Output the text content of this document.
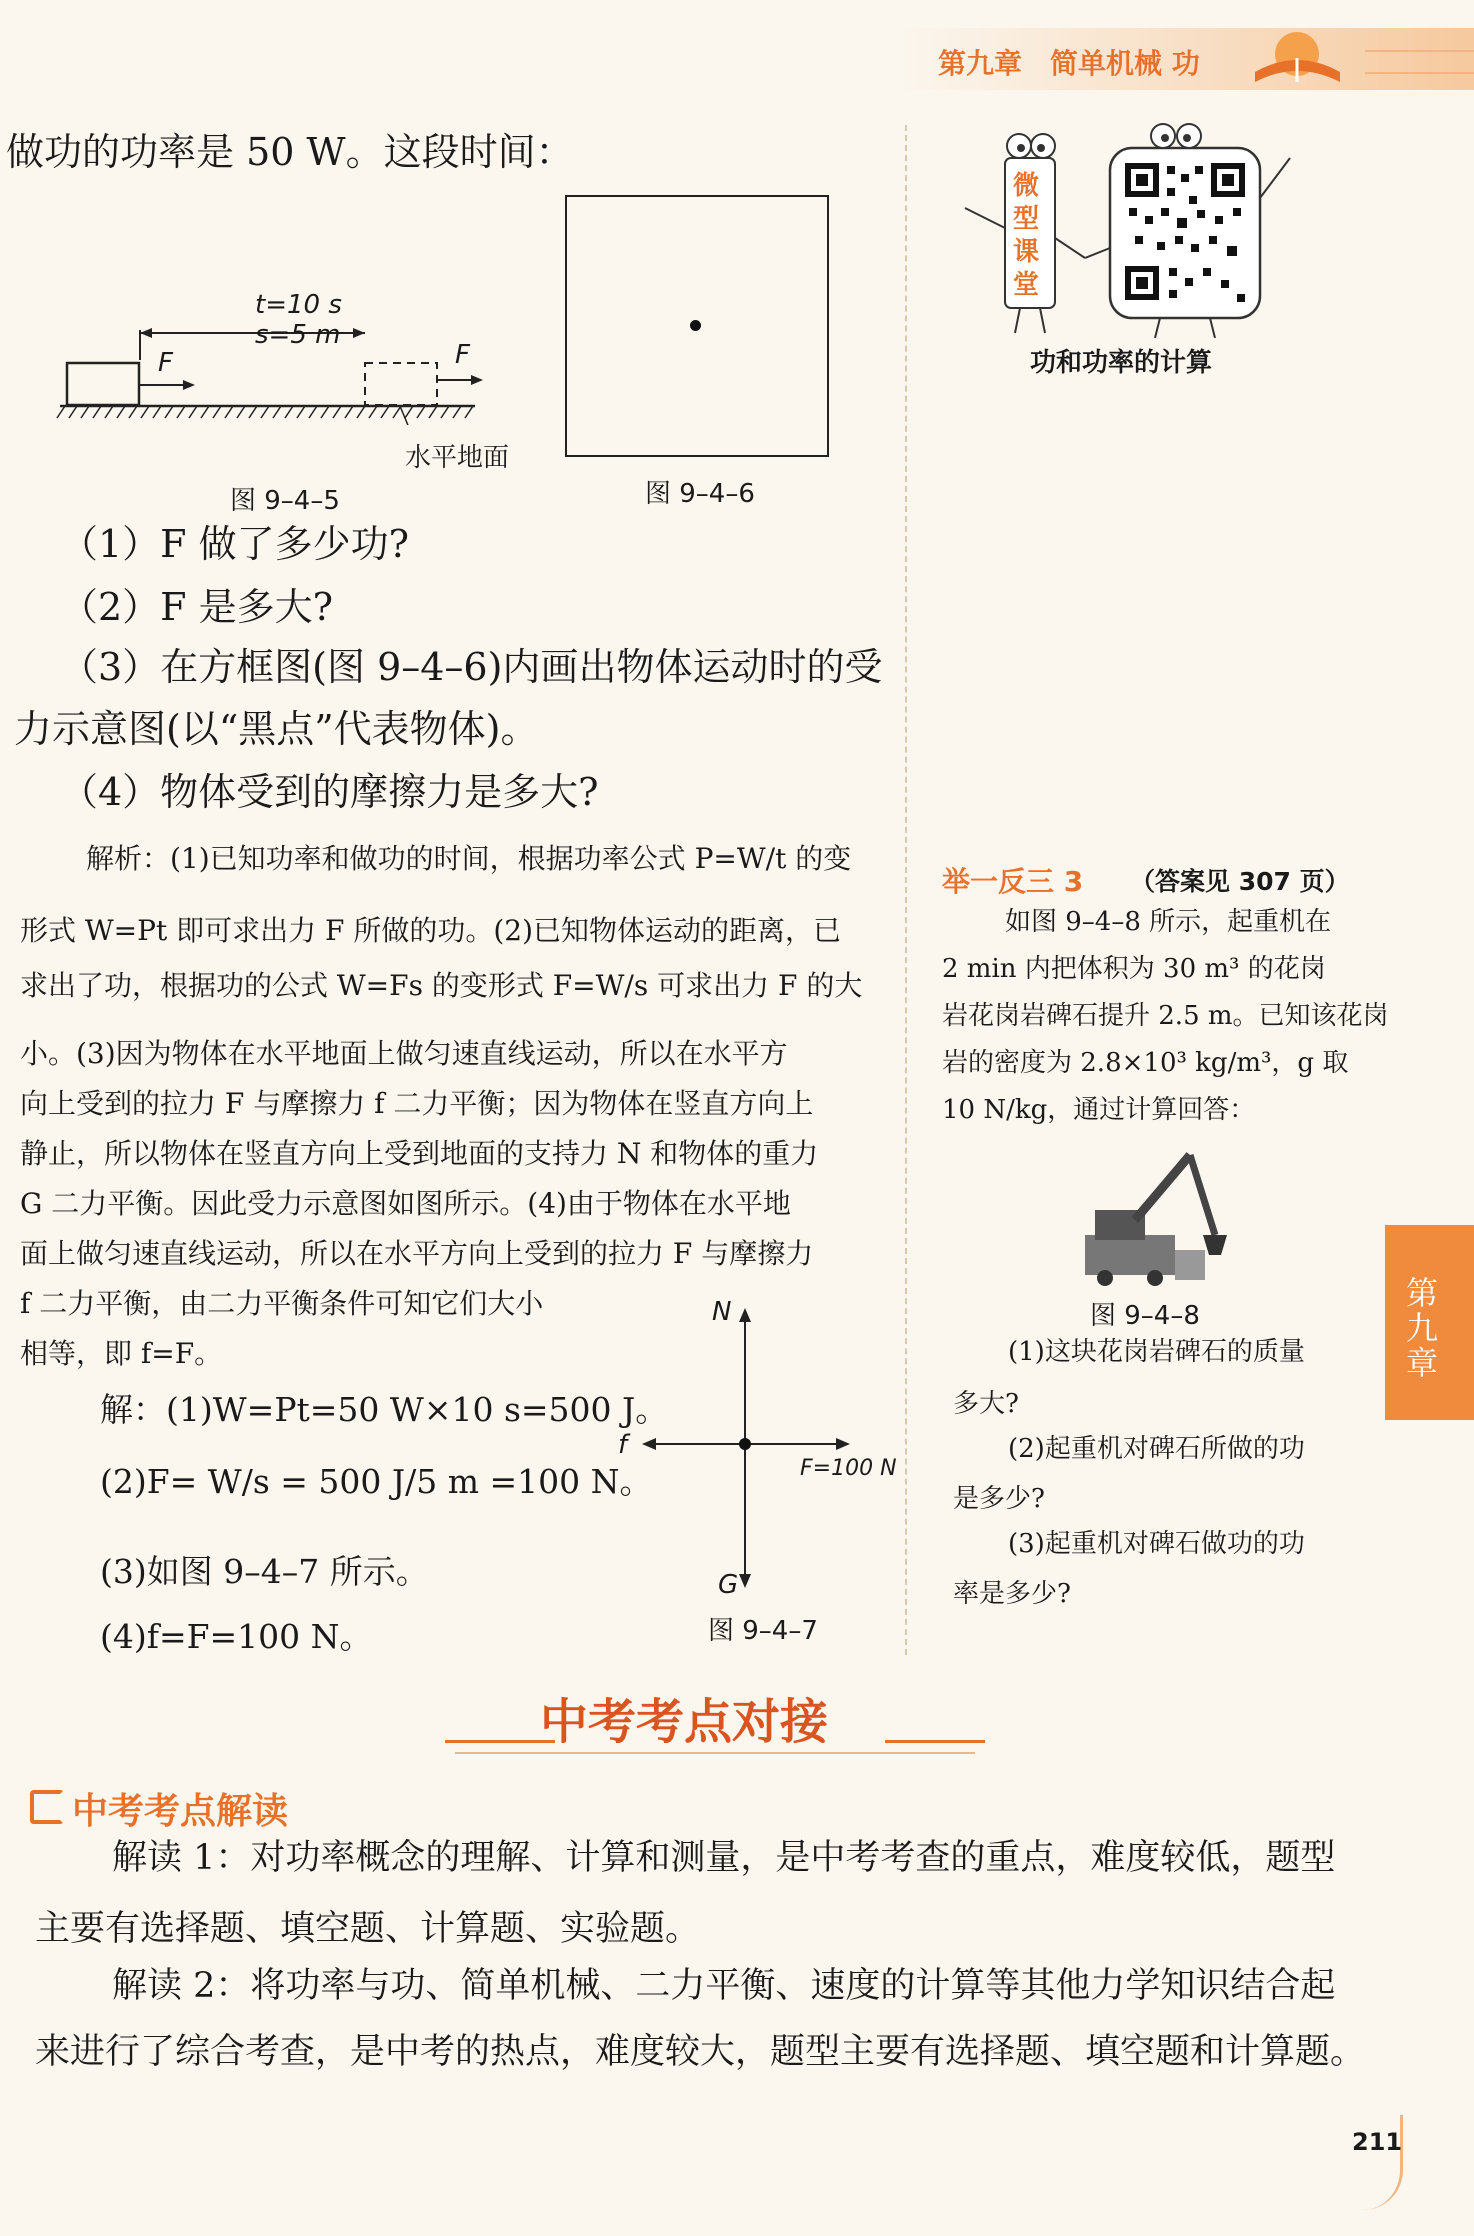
第九章 简单机械 功
做功的功率是 50 W。这段时间：
t=10 s
s=5 m
F	F
水平地面
图 9–4–5	图 9–4–6
微
型
课
堂
功和功率的计算
（1）F 做了多少功?
（2）F 是多大?
（3）在方框图(图 9–4–6)内画出物体运动时的受
力示意图(以“黑点”代表物体)。
（4）物体受到的摩擦力是多大?
解析：(1)已知功率和做功的时间，根据功率公式 P=W/t 的变
形式 W=Pt 即可求出力 F 所做的功。(2)已知物体运动的距离，已
求出了功，根据功的公式 W=Fs 的变形式 F=W/s 可求出力 F 的大
小。(3)因为物体在水平地面上做匀速直线运动，所以在水平方
向上受到的拉力 F 与摩擦力 f 二力平衡；因为物体在竖直方向上
静止，所以物体在竖直方向上受到地面的支持力 N 和物体的重力
G 二力平衡。因此受力示意图如图所示。(4)由于物体在水平地
面上做匀速直线运动，所以在水平方向上受到的拉力 F 与摩擦力
f 二力平衡，由二力平衡条件可知它们大小
相等，即 f=F。
解：(1)W=Pt=50 W×10 s=500 J。
(2)F= W/s = 500 J/5 m =100 N。
(3)如图 9–4–7 所示。
(4)f=F=100 N。
N
f
F=100 N
G
图 9–4–7
举一反三 3 （答案见 307 页）
如图 9–4–8 所示，起重机在
2 min 内把体积为 30 m³ 的花岗
岩花岗岩碑石提升 2.5 m。已知该花岗
岩的密度为 2.8×10³ kg/m³，g 取
10 N/kg，通过计算回答：
图 9–4–8
(1)这块花岗岩碑石的质量
多大?
(2)起重机对碑石所做的功
是多少?
(3)起重机对碑石做功的功
率是多少?
第
九
章
中考考点对接
中考考点解读
解读 1：对功率概念的理解、计算和测量，是中考考查的重点，难度较低，题型
主要有选择题、填空题、计算题、实验题。
解读 2：将功率与功、简单机械、二力平衡、速度的计算等其他力学知识结合起
来进行了综合考查，是中考的热点，难度较大，题型主要有选择题、填空题和计算题。
211
